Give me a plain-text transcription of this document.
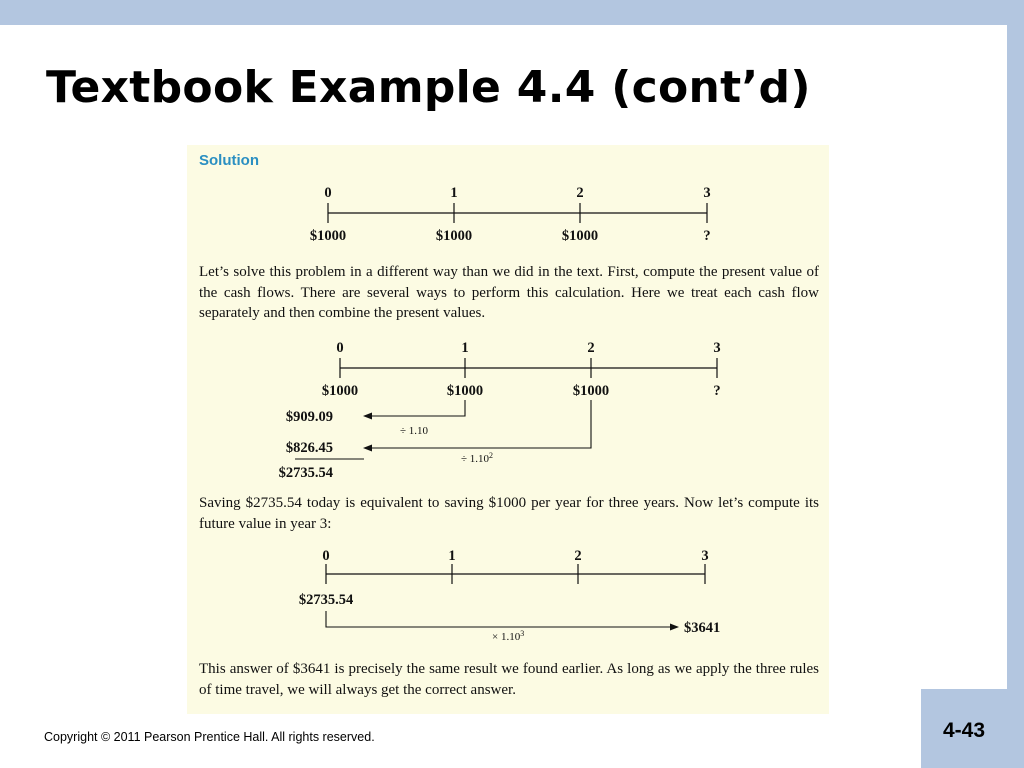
Textbook Example 4.4 (cont’d)
Solution
0	1	2	3
$1000	$1000	$1000	?

Let’s solve this problem in a different way than we did in the text. First, compute the present value of the cash flows. There are several ways to perform this calculation. Here we treat each cash flow separately and then combine the present values.

0	1	2	3
$1000	$1000	$1000	?
$909.09
÷ 1.10
$826.45
÷ $1.10^2$
$2735.54

Saving $2735.54 today is equivalent to saving $1000 per year for three years. Now let’s compute its future value in year 3:

0	1	2	3
$2735.54
$3641
× $1.10^3$

This answer of $3641 is precisely the same result we found earlier. As long as we apply the three rules of time travel, we will always get the correct answer.

Copyright © 2011 Pearson Prentice Hall. All rights reserved.	4-43
